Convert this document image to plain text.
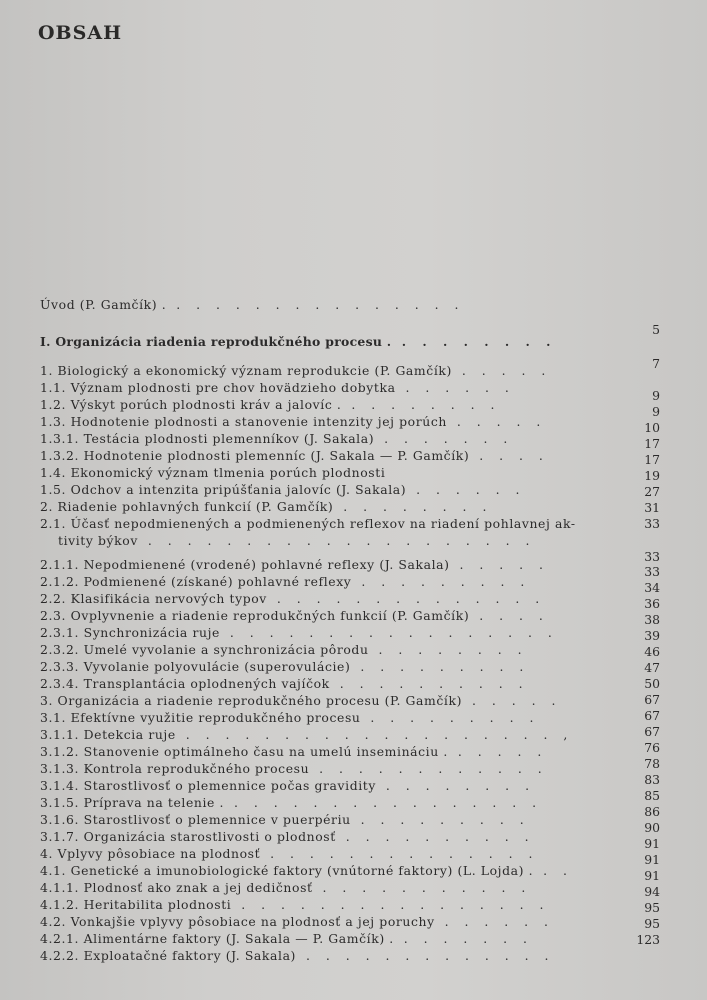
OBSAH
Úvod (P. Gamčík) . . . . . . . . . . . . . . . .
I. Organizácia riadenia reprodukčného procesu . . . . . . . . .
1. Biologický a ekonomický význam reprodukcie (P. Gamčík) . . . . .
1.1. Význam plodnosti pre chov hovädzieho dobytka . . . . . .
1.2. Výskyt porúch plodnosti kráv a jalovíc . . . . . . . . .
1.3. Hodnotenie plodnosti a stanovenie intenzity jej porúch . . . . .
1.3.1. Testácia plodnosti plemenníkov (J. Sakala) . . . . . . .
1.3.2. Hodnotenie plodnosti plemenníc (J. Sakala — P. Gamčík) . . . .
1.4. Ekonomický význam tlmenia porúch plodnosti
1.5. Odchov a intenzita pripúšťania jalovíc (J. Sakala) . . . . . .
2. Riadenie pohlavných funkcií (P. Gamčík) . . . . . . . .
2.1. Účasť nepodmienených a podmienených reflexov na riadení pohlavnej ak-
tivity býkov . . . . . . . . . . . . . . . . . . . .
2.1.1. Nepodmienené (vrodené) pohlavné reflexy (J. Sakala) . . . . .
2.1.2. Podmienené (získané) pohlavné reflexy . . . . . . . . .
2.2. Klasifikácia nervových typov . . . . . . . . . . . . . .
2.3. Ovplyvnenie a riadenie reprodukčných funkcií (P. Gamčík) . . . .
2.3.1. Synchronizácia ruje . . . . . . . . . . . . . . . . .
2.3.2. Umelé vyvolanie a synchronizácia pôrodu . . . . . . . .
2.3.3. Vyvolanie polyovulácie (superovulácie) . . . . . . . . .
2.3.4. Transplantácia oplodnených vajíčok . . . . . . . . . .
3. Organizácia a riadenie reprodukčného procesu (P. Gamčík) . . . . .
3.1. Efektívne využitie reprodukčného procesu . . . . . . . . .
3.1.1. Detekcia ruje . . . . . . . . . . . . . . . . . . . ,
3.1.2. Stanovenie optimálneho času na umelú insemináciu . . . . . .
3.1.3. Kontrola reprodukčného procesu . . . . . . . . . . . .
3.1.4. Starostlivosť o plemennice počas gravidity . . . . . . . .
3.1.5. Príprava na telenie . . . . . . . . . . . . . . . . .
3.1.6. Starostlivosť o plemennice v puerpériu . . . . . . . . .
3.1.7. Organizácia starostlivosti o plodnosť . . . . . . . . . .
4. Vplyvy pôsobiace na plodnosť . . . . . . . . . . . . . .
4.1. Genetické a imunobiologické faktory (vnútorné faktory) (L. Lojda) . . .
4.1.1. Plodnosť ako znak a jej dedičnosť . . . . . . . . . . .
4.1.2. Heritabilita plodnosti . . . . . . . . . . . . . . . .
4.2. Vonkajšie vplyvy pôsobiace na plodnosť a jej poruchy . . . . . .
4.2.1. Alimentárne faktory (J. Sakala — P. Gamčík) . . . . . . . .
4.2.2. Exploatačné faktory (J. Sakala) . . . . . . . . . . . . .
5
7
9
9
10
17
17
19
27
31
33
33
33
34
36
38
39
46
47
50
67
67
67
76
78
83
85
86
90
91
91
91
94
95
95
123
